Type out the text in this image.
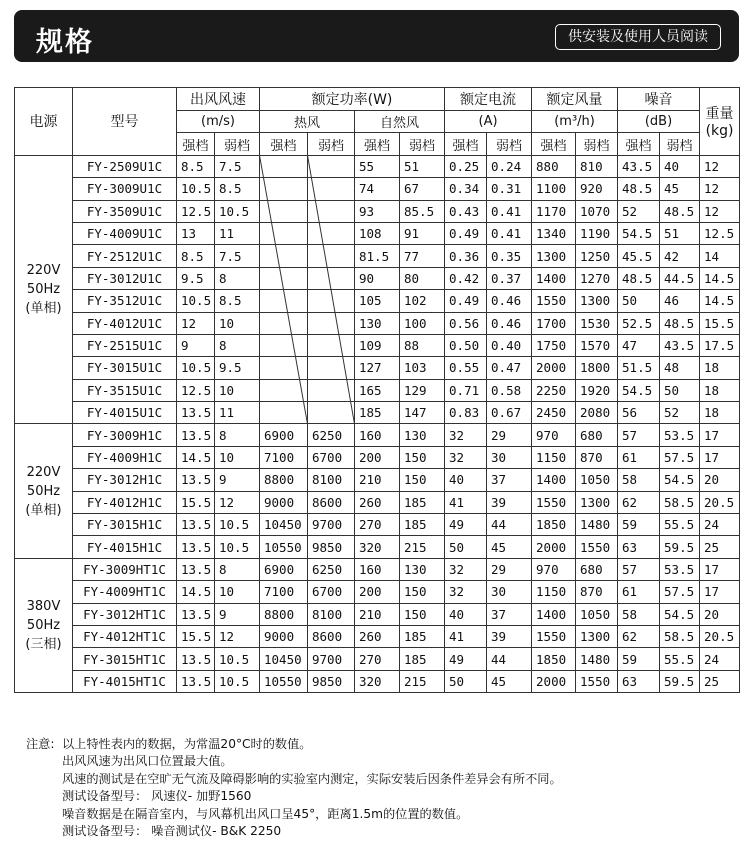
规格	供安装及使用人员阅读
电源	型号	出风风速		额定功率(W)				额定电流		额定风量		噪音		重量
(kg)

		(m/s)		热风		自然风		(A)		(m³/h)		(dB)		
		强档	弱档	强档	弱档	强档	弱档	强档	弱档	强档	弱档	强档	弱档	

220V
50Hz
(单相)	FY-2509U1C	8.5	7.5			55	51	0.25	0.24	880	810	43.5	40	12
	FY-3009U1C	10.5	8.5			74	67	0.34	0.31	1100	920	48.5	45	12
	FY-3509U1C	12.5	10.5			93	85.5	0.43	0.41	1170	1070	52	48.5	12
	FY-4009U1C	13	11			108	91	0.49	0.41	1340	1190	54.5	51	12.5
	FY-2512U1C	8.5	7.5			81.5	77	0.36	0.35	1300	1250	45.5	42	14
	FY-3012U1C	9.5	8			90	80	0.42	0.37	1400	1270	48.5	44.5	14.5
	FY-3512U1C	10.5	8.5			105	102	0.49	0.46	1550	1300	50	46	14.5
	FY-4012U1C	12	10			130	100	0.56	0.46	1700	1530	52.5	48.5	15.5
	FY-2515U1C	9	8			109	88	0.50	0.40	1750	1570	47	43.5	17.5
	FY-3015U1C	10.5	9.5			127	103	0.55	0.47	2000	1800	51.5	48	18
	FY-3515U1C	12.5	10			165	129	0.71	0.58	2250	1920	54.5	50	18
	FY-4015U1C	13.5	11			185	147	0.83	0.67	2450	2080	56	52	18

220V
50Hz
(单相)	FY-3009H1C	13.5	8	6900	6250	160	130	32	29	970	680	57	53.5	17
	FY-4009H1C	14.5	10	7100	6700	200	150	32	30	1150	870	61	57.5	17
	FY-3012H1C	13.5	9	8800	8100	210	150	40	37	1400	1050	58	54.5	20
	FY-4012H1C	15.5	12	9000	8600	260	185	41	39	1550	1300	62	58.5	20.5
	FY-3015H1C	13.5	10.5	10450	9700	270	185	49	44	1850	1480	59	55.5	24
	FY-4015H1C	13.5	10.5	10550	9850	320	215	50	45	2000	1550	63	59.5	25

380V
50Hz
(三相)	FY-3009HT1C	13.5	8	6900	6250	160	130	32	29	970	680	57	53.5	17
	FY-4009HT1C	14.5	10	7100	6700	200	150	32	30	1150	870	61	57.5	17
	FY-3012HT1C	13.5	9	8800	8100	210	150	40	37	1400	1050	58	54.5	20
	FY-4012HT1C	15.5	12	9000	8600	260	185	41	39	1550	1300	62	58.5	20.5
	FY-3015HT1C	13.5	10.5	10450	9700	270	185	49	44	1850	1480	59	55.5	24
	FY-4015HT1C	13.5	10.5	10550	9850	320	215	50	45	2000	1550	63	59.5	25
注意: 以上特性表内的数据，为常温20°C时的数值。
出风风速为出风口位置最大值。
风速的测试是在空旷无气流及障碍影响的实验室内测定，实际安装后因条件差异会有所不同。
测试设备型号： 风速仪- 加野1560
噪音数据是在隔音室内，与风幕机出风口呈45°，距离1.5m的位置的数值。
测试设备型号： 噪音测试仪- B&K 2250
